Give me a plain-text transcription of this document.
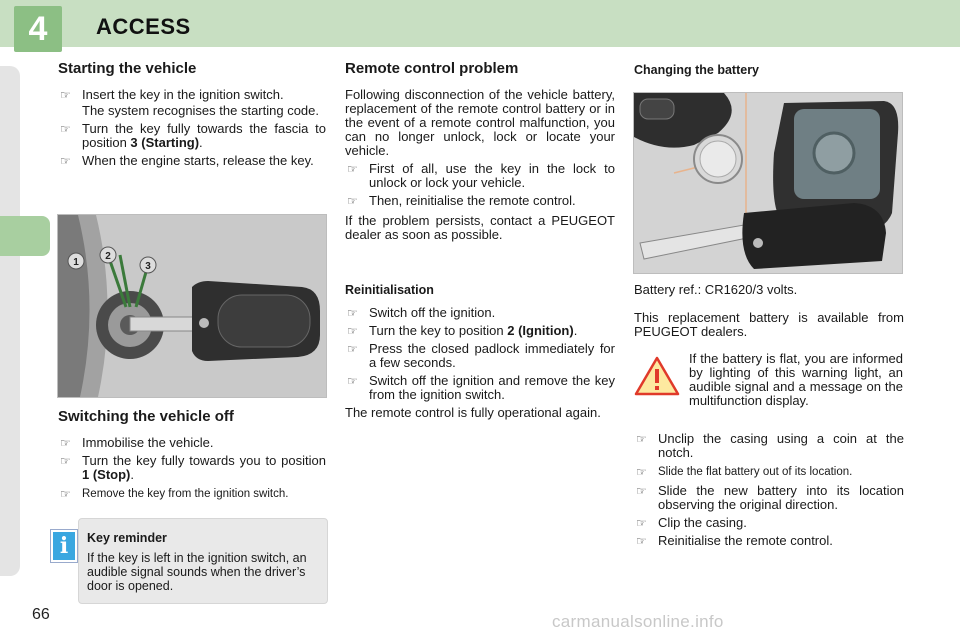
4	ACCESS

Starting the vehicle

☞ Insert the key in the ignition switch.

The system recognises the starting code.

☞ Turn the key fully towards the fascia to position 3 (Starting).

☞ When the engine starts, release the key.

1
2
3

Switching the vehicle off

☞ Immobilise the vehicle.

☞ Turn the key fully towards you to position 1 (Stop).

☞ Remove the key from the ignition switch.

Key reminder

If the key is left in the ignition switch, an audible signal sounds when the driver’s door is opened.

i

Remote control problem

Following disconnection of the vehicle battery, replacement of the remote control battery or in the event of a remote control malfunction, you can no longer unlock, lock or locate your vehicle.

☞ First of all, use the key in the lock to unlock or lock your vehicle.

☞ Then, reinitialise the remote control.

If the problem persists, contact a PEUGEOT dealer as soon as possible.

Reinitialisation

☞ Switch off the ignition.

☞ Turn the key to position 2 (Ignition).

☞ Press the closed padlock immediately for a few seconds.

☞ Switch off the ignition and remove the key from the ignition switch.

The remote control is fully operational again.

Changing the battery

Battery ref.: CR1620/3 volts.

This replacement battery is available from PEUGEOT dealers.

If the battery is flat, you are informed by lighting of this warning light, an audible signal and a message on the multifunction display.

☞ Unclip the casing using a coin at the notch.

☞ Slide the flat battery out of its location.

☞ Slide the new battery into its location observing the original direction.

☞ Clip the casing.

☞ Reinitialise the remote control.

66	carmanualsonline.info
